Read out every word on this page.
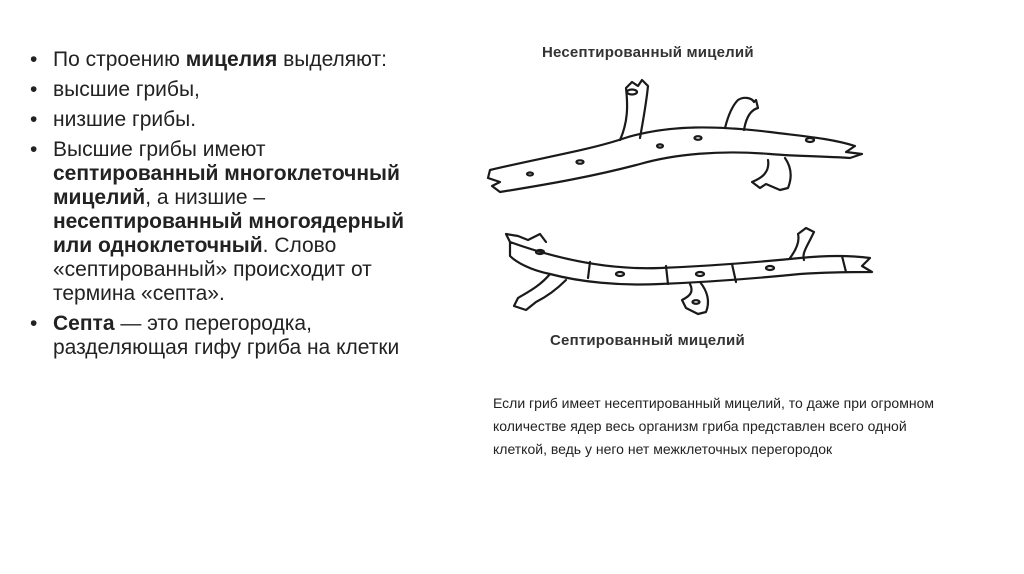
• По строению мицелия выделяют:
• высшие грибы,
• низшие грибы.
• Высшие грибы имеют септированный многоклеточный мицелий, а низшие – несептированный многоядерный или одноклеточный. Слово «септированный» происходит от термина «септа».
• Септа — это перегородка, разделяющая гифу гриба на клетки
Несептированный мицелий
Септированный мицелий
Если гриб имеет несептированный мицелий, то даже при огромном количестве ядер весь организм гриба представлен всего одной клеткой, ведь у него нет межклеточных перегородок
